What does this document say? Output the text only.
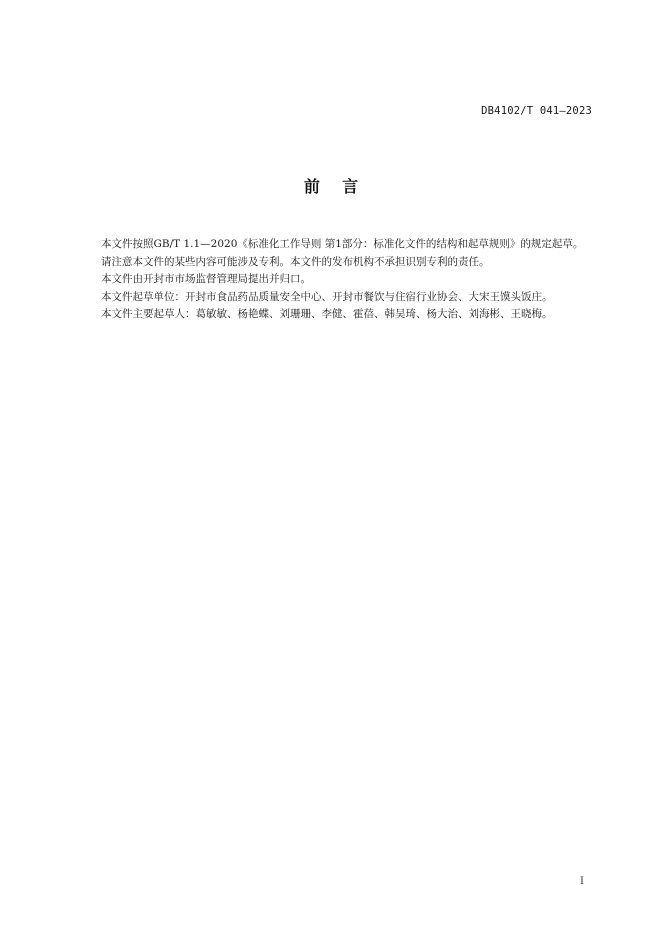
DB4102/T 041—2023
前    言

本文件按照GB/T 1.1—2020《标准化工作导则 第1部分：标准化文件的结构和起草规则》的规定起草。

请注意本文件的某些内容可能涉及专利。本文件的发布机构不承担识别专利的责任。

本文件由开封市市场监督管理局提出并归口。

本文件起草单位：开封市食品药品质量安全中心、开封市餐饮与住宿行业协会、大宋王馍头饭庄。

本文件主要起草人：葛敏敏、杨艳蝶、刘珊珊、李健、霍蓓、韩吴琦、杨大治、刘海彬、王晓梅。

I
